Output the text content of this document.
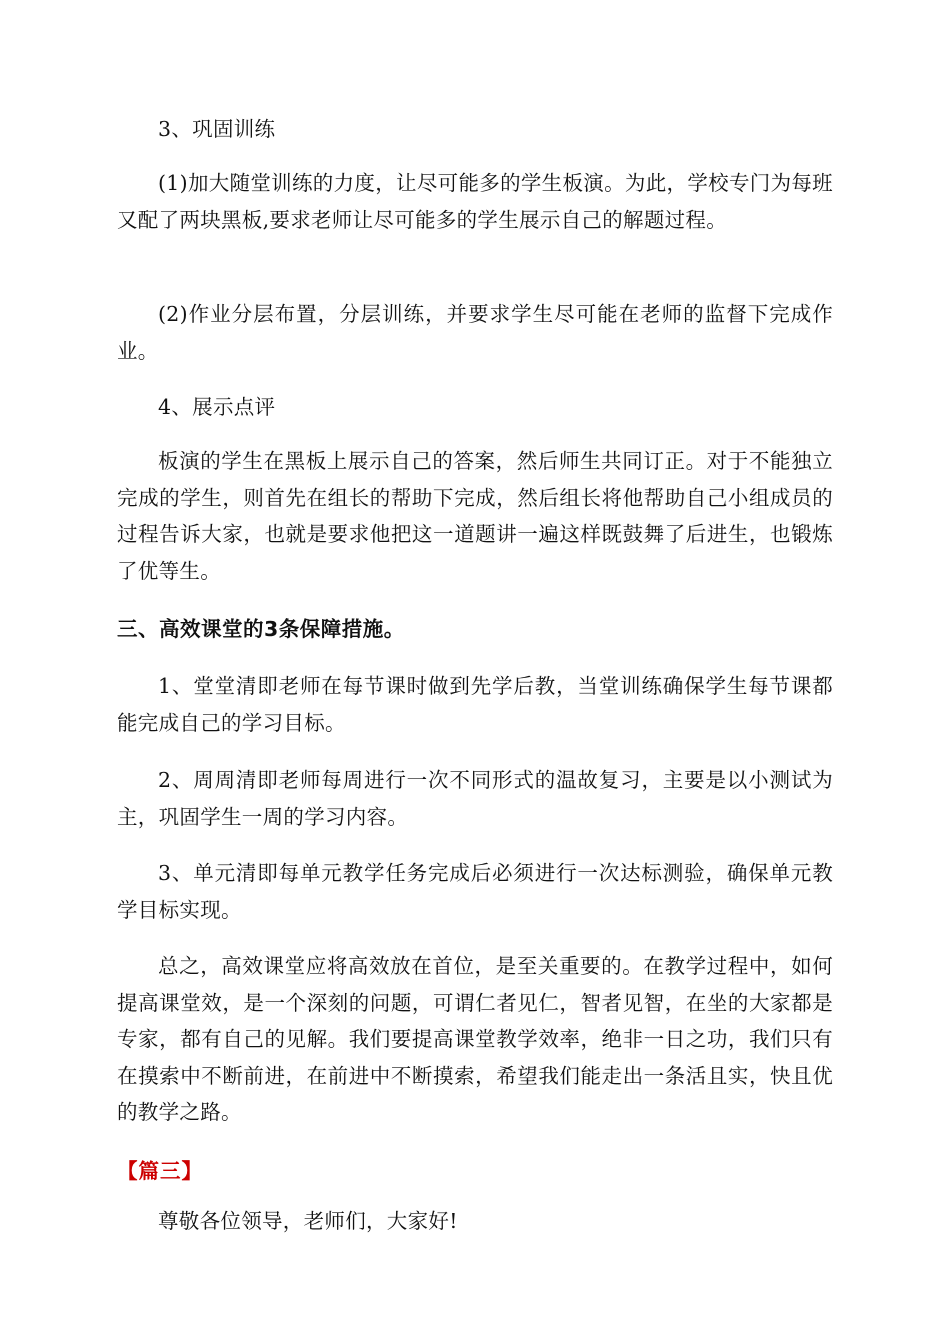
3、巩固训练

(1)加大随堂训练的力度，让尽可能多的学生板演。为此，学校专门为每班又配了两块黑板,要求老师让尽可能多的学生展示自己的解题过程。

(2)作业分层布置，分层训练，并要求学生尽可能在老师的监督下完成作业。

4、展示点评

板演的学生在黑板上展示自己的答案，然后师生共同订正。对于不能独立完成的学生，则首先在组长的帮助下完成，然后组长将他帮助自己小组成员的过程告诉大家，也就是要求他把这一道题讲一遍这样既鼓舞了后进生，也锻炼了优等生。

三、高效课堂的3条保障措施。

1、堂堂清即老师在每节课时做到先学后教，当堂训练确保学生每节课都能完成自己的学习目标。

2、周周清即老师每周进行一次不同形式的温故复习，主要是以小测试为主，巩固学生一周的学习内容。

3、单元清即每单元教学任务完成后必须进行一次达标测验，确保单元教学目标实现。

总之，高效课堂应将高效放在首位，是至关重要的。在教学过程中，如何提高课堂效，是一个深刻的问题，可谓仁者见仁，智者见智，在坐的大家都是专家，都有自己的见解。我们要提高课堂教学效率，绝非一日之功，我们只有在摸索中不断前进，在前进中不断摸索，希望我们能走出一条活且实，快且优的教学之路。

【篇三】

尊敬各位领导，老师们，大家好!
